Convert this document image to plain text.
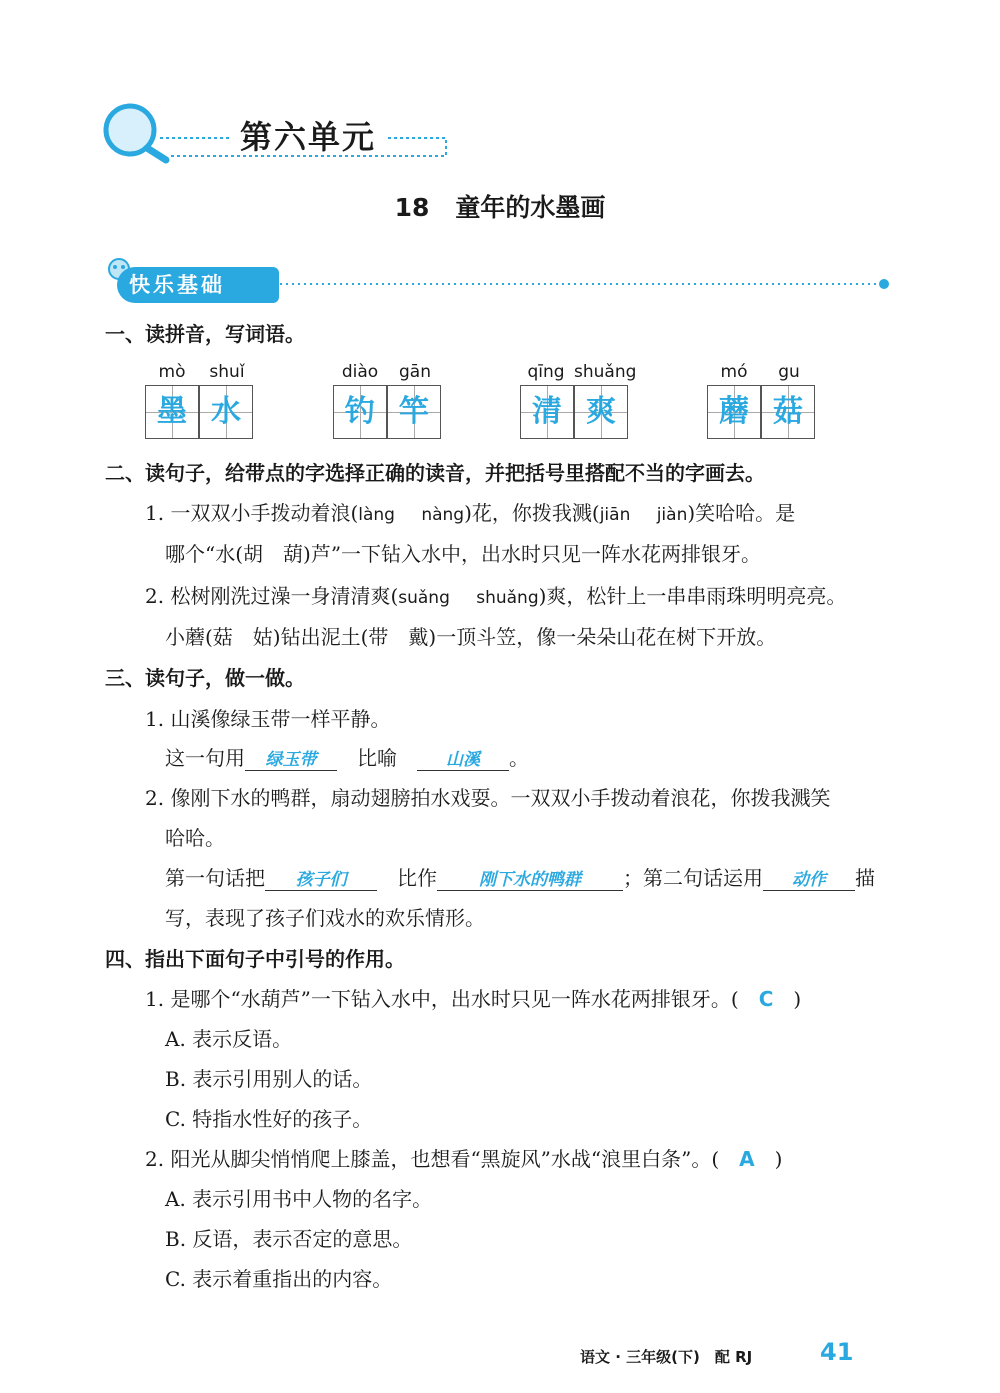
第六单元
18 童年的水墨画
快乐基础
一、读拼音，写词语。
mò	shuǐ
墨 水
diào	gān
钓 竿
qīng shuǎng
清 爽
mó	gu
蘑 菇
二、读句子，给带点的字选择正确的读音，并把括号里搭配不当的字画去。
1. 一双双小手拨动着浪(làng　 nàng)花，你拨我溅(jiān　 jiàn)笑哈哈。是
哪个“水(胡　葫)芦”一下钻入水中，出水时只见一阵水花两排银牙。
2. 松树刚洗过澡一身清清爽(suǎng　 shuǎng)爽，松针上一串串雨珠明明亮亮。
小蘑(菇　姑)钻出泥土(带　戴)一顶斗笠，像一朵朵山花在树下开放。
三、读句子，做一做。
1. 山溪像绿玉带一样平静。
这一句用 绿玉带　 比喻　	山溪 。
2. 像刚下水的鸭群，扇动翅膀拍水戏耍。一双双小手拨动着浪花，你拨我溅笑
哈哈。
第一句话把 孩子们　	比作 刚下水的鸭群 ；第二句话运用 动作 描
写，表现了孩子们戏水的欢乐情形。
四、指出下面句子中引号的作用。
1. 是哪个“水葫芦”一下钻入水中，出水时只见一阵水花两排银牙。(　 C　 )
A. 表示反语。
B. 表示引用别人的话。
C. 特指水性好的孩子。
2. 阳光从脚尖悄悄爬上膝盖，也想看“黑旋风”水战“浪里白条”。(　 A　 )
A. 表示引用书中人物的名字。
B. 反语，表示否定的意思。
C. 表示着重指出的内容。
语文 · 三年级(下)　配 RJ	41
